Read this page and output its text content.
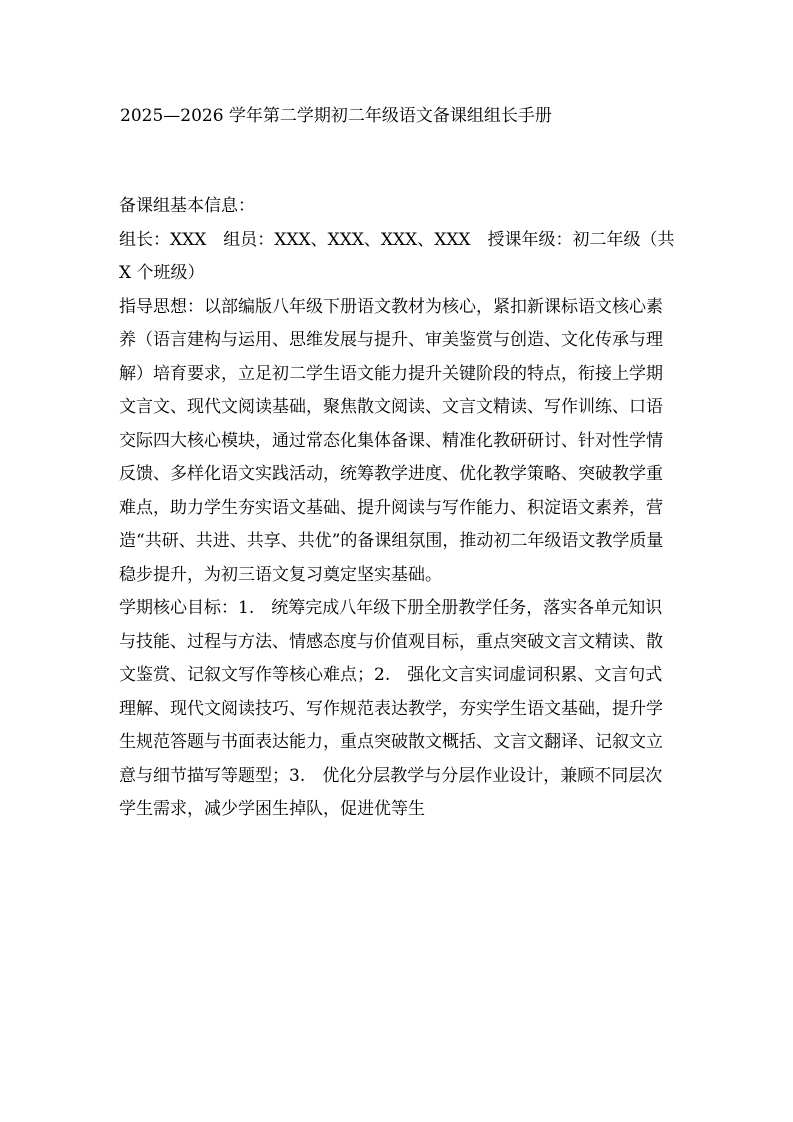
2025—2026 学年第二学期初二年级语文备课组组长手册

备课组基本信息：

组长：XXX　组员：XXX、XXX、XXX、XXX　授课年级：初二年级（共 X 个班级）

指导思想：以部编版八年级下册语文教材为核心，紧扣新课标语文核心素养（语言建构与运用、思维发展与提升、审美鉴赏与创造、文化传承与理解）培育要求，立足初二学生语文能力提升关键阶段的特点，衔接上学期文言文、现代文阅读基础，聚焦散文阅读、文言文精读、写作训练、口语交际四大核心模块，通过常态化集体备课、精准化教研研讨、针对性学情反馈、多样化语文实践活动，统筹教学进度、优化教学策略、突破教学重难点，助力学生夯实语文基础、提升阅读与写作能力、积淀语文素养，营造“共研、共进、共享、共优”的备课组氛围，推动初二年级语文教学质量稳步提升，为初三语文复习奠定坚实基础。

学期核心目标：1.　统筹完成八年级下册全册教学任务，落实各单元知识与技能、过程与方法、情感态度与价值观目标，重点突破文言文精读、散文鉴赏、记叙文写作等核心难点；2.　强化文言实词虚词积累、文言句式理解、现代文阅读技巧、写作规范表达教学，夯实学生语文基础，提升学生规范答题与书面表达能力，重点突破散文概括、文言文翻译、记叙文立意与细节描写等题型；3.　优化分层教学与分层作业设计，兼顾不同层次学生需求，减少学困生掉队，促进优等生
